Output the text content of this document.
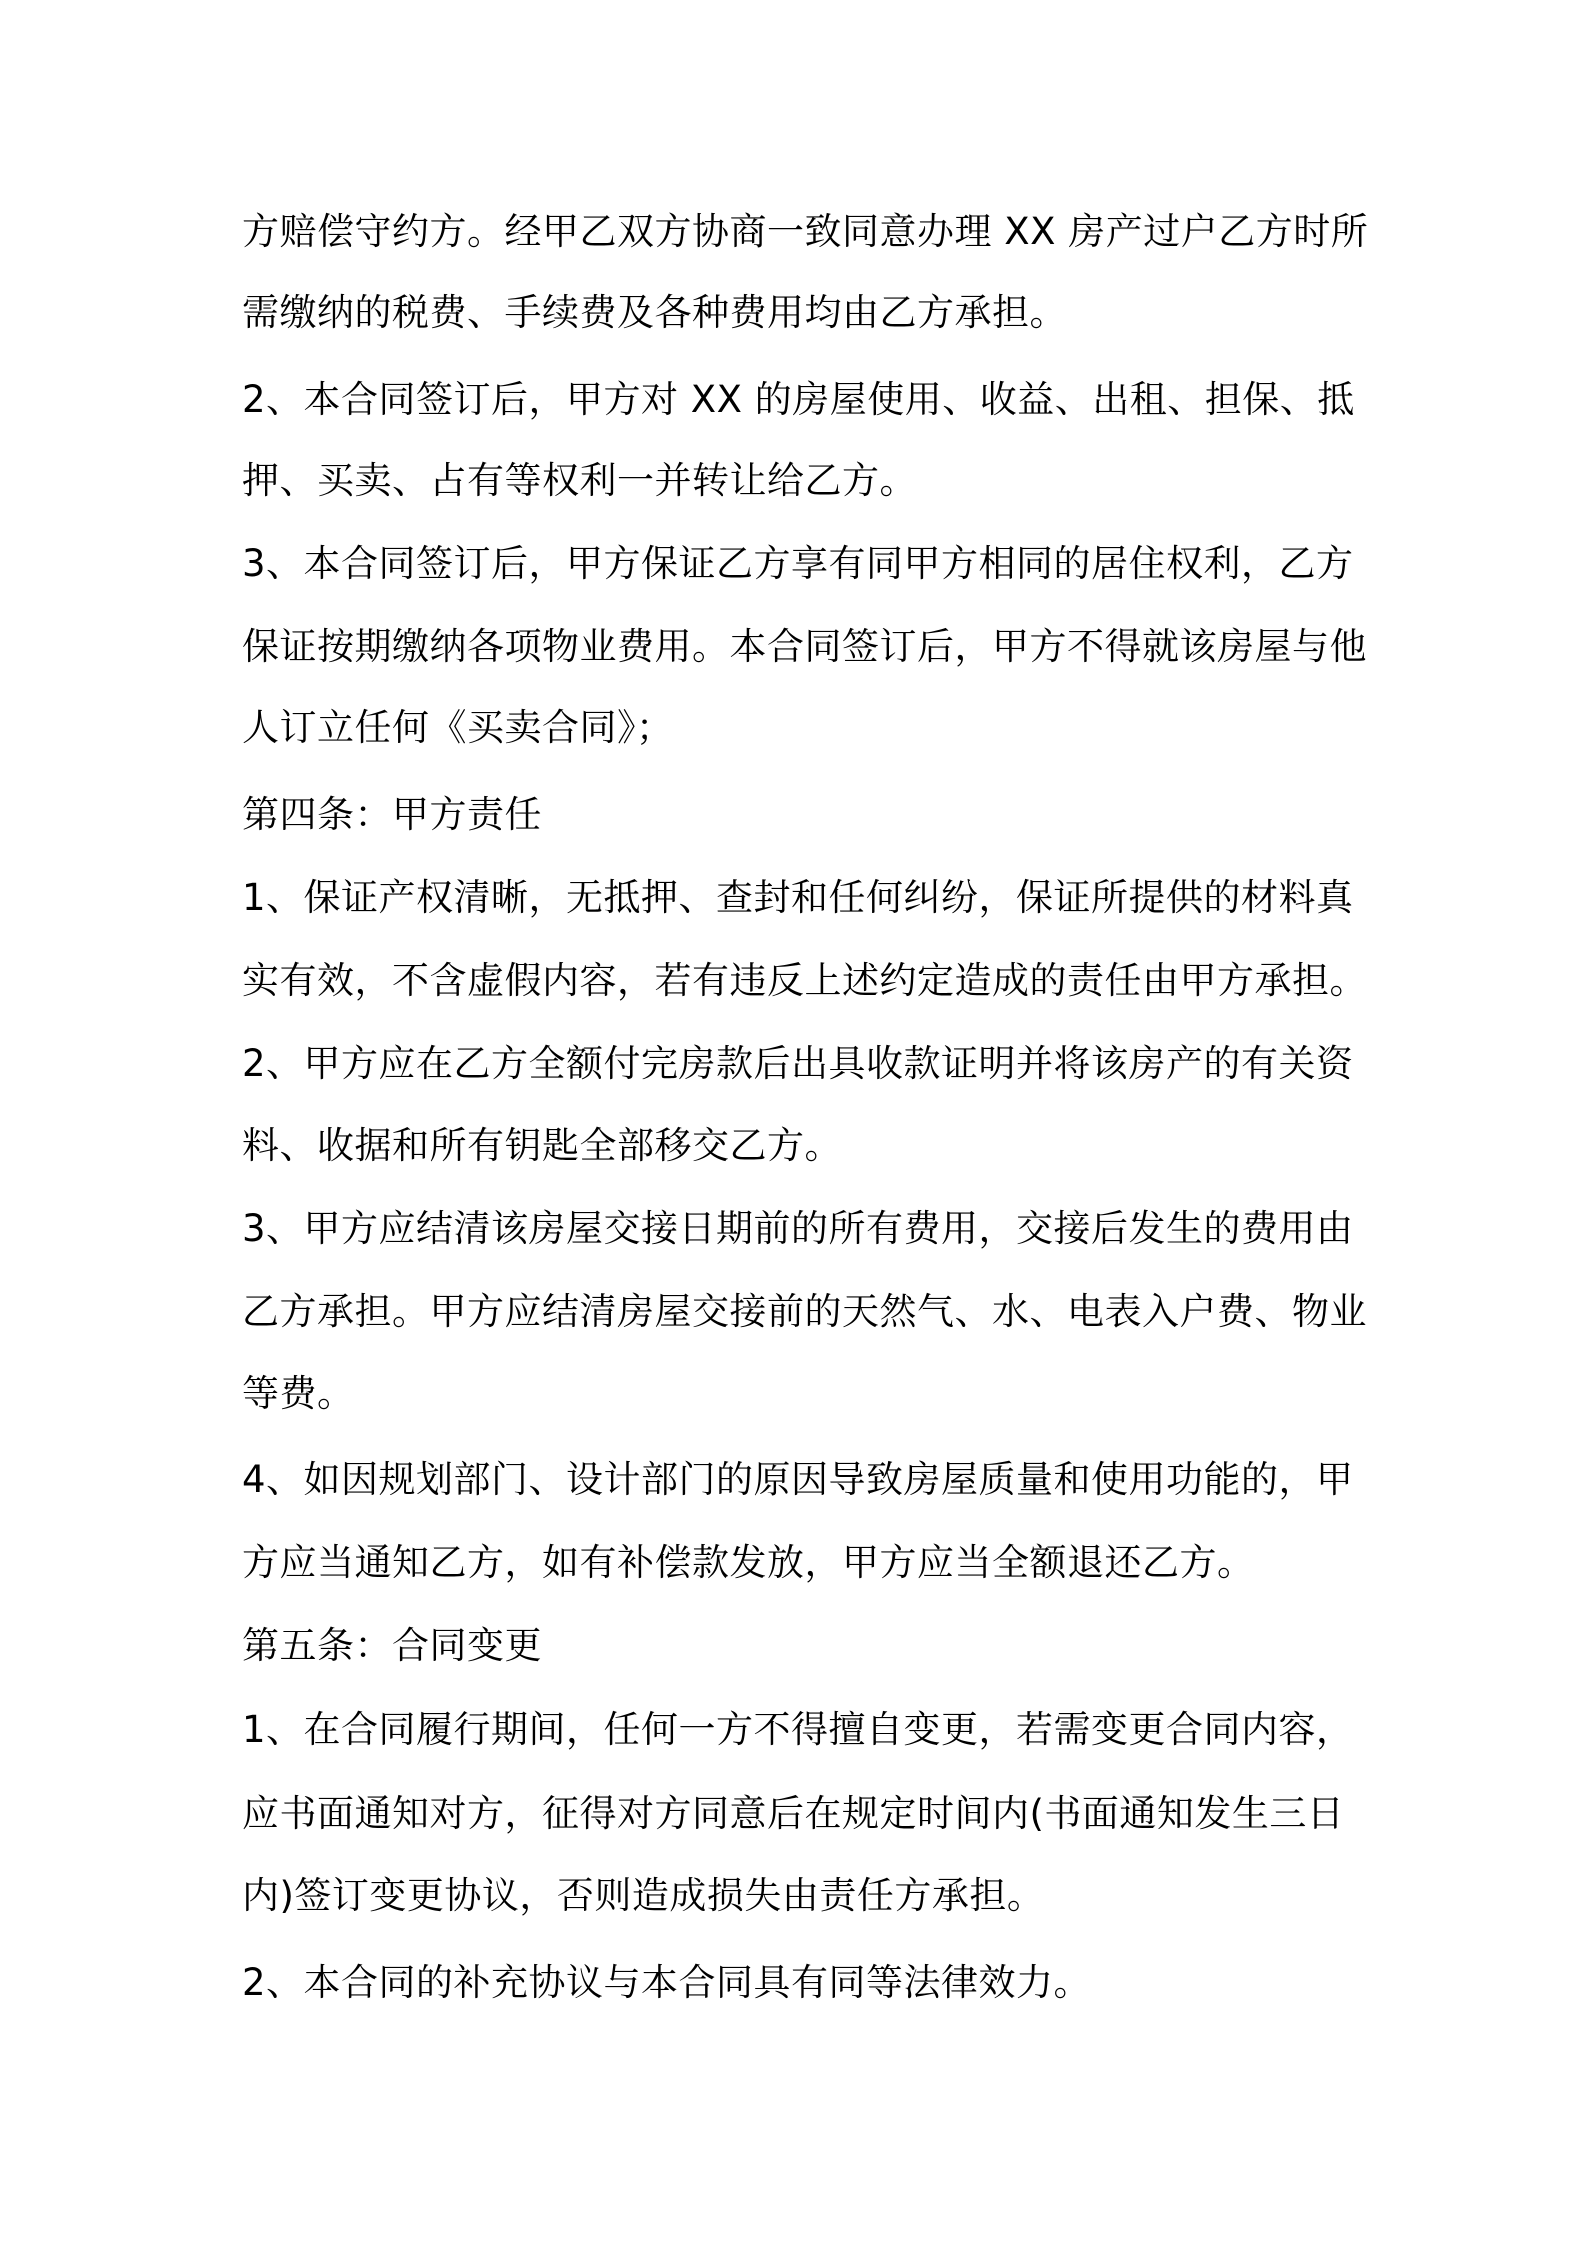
方赔偿守约方。经甲乙双方协商一致同意办理 XX 房产过户乙方时所
需缴纳的税费、手续费及各种费用均由乙方承担。
2、本合同签订后，甲方对 XX 的房屋使用、收益、出租、担保、抵
押、买卖、占有等权利一并转让给乙方。
3、本合同签订后，甲方保证乙方享有同甲方相同的居住权利，乙方
保证按期缴纳各项物业费用。本合同签订后，甲方不得就该房屋与他
人订立任何《买卖合同》；
第四条：甲方责任
1、保证产权清晰，无抵押、查封和任何纠纷，保证所提供的材料真
实有效，不含虚假内容，若有违反上述约定造成的责任由甲方承担。
2、甲方应在乙方全额付完房款后出具收款证明并将该房产的有关资
料、收据和所有钥匙全部移交乙方。
3、甲方应结清该房屋交接日期前的所有费用，交接后发生的费用由
乙方承担。甲方应结清房屋交接前的天然气、水、电表入户费、物业
等费。
4、如因规划部门、设计部门的原因导致房屋质量和使用功能的，甲
方应当通知乙方，如有补偿款发放，甲方应当全额退还乙方。
第五条：合同变更
1、在合同履行期间，任何一方不得擅自变更，若需变更合同内容，
应书面通知对方，征得对方同意后在规定时间内(书面通知发生三日
内)签订变更协议，否则造成损失由责任方承担。
2、本合同的补充协议与本合同具有同等法律效力。
